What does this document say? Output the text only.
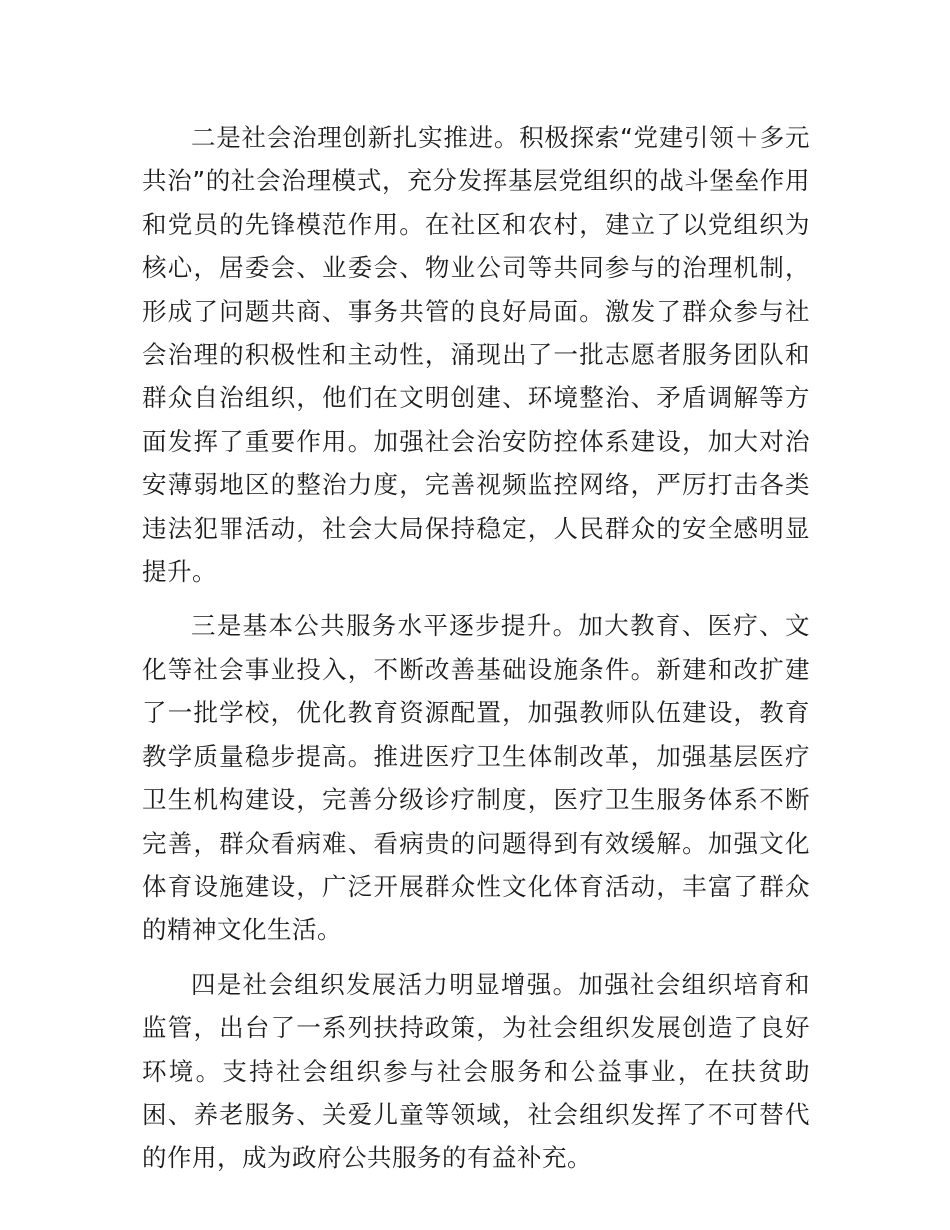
二是社会治理创新扎实推进。积极探索“党建引领＋多元共治”的社会治理模式，充分发挥基层党组织的战斗堡垒作用和党员的先锋模范作用。在社区和农村，建立了以党组织为核心，居委会、业委会、物业公司等共同参与的治理机制，形成了问题共商、事务共管的良好局面。激发了群众参与社会治理的积极性和主动性，涌现出了一批志愿者服务团队和群众自治组织，他们在文明创建、环境整治、矛盾调解等方面发挥了重要作用。加强社会治安防控体系建设，加大对治安薄弱地区的整治力度，完善视频监控网络，严厉打击各类违法犯罪活动，社会大局保持稳定，人民群众的安全感明显提升。

三是基本公共服务水平逐步提升。加大教育、医疗、文化等社会事业投入，不断改善基础设施条件。新建和改扩建了一批学校，优化教育资源配置，加强教师队伍建设，教育教学质量稳步提高。推进医疗卫生体制改革，加强基层医疗卫生机构建设，完善分级诊疗制度，医疗卫生服务体系不断完善，群众看病难、看病贵的问题得到有效缓解。加强文化体育设施建设，广泛开展群众性文化体育活动，丰富了群众的精神文化生活。

四是社会组织发展活力明显增强。加强社会组织培育和监管，出台了一系列扶持政策，为社会组织发展创造了良好环境。支持社会组织参与社会服务和公益事业，在扶贫助困、养老服务、关爱儿童等领域，社会组织发挥了不可替代的作用，成为政府公共服务的有益补充。
